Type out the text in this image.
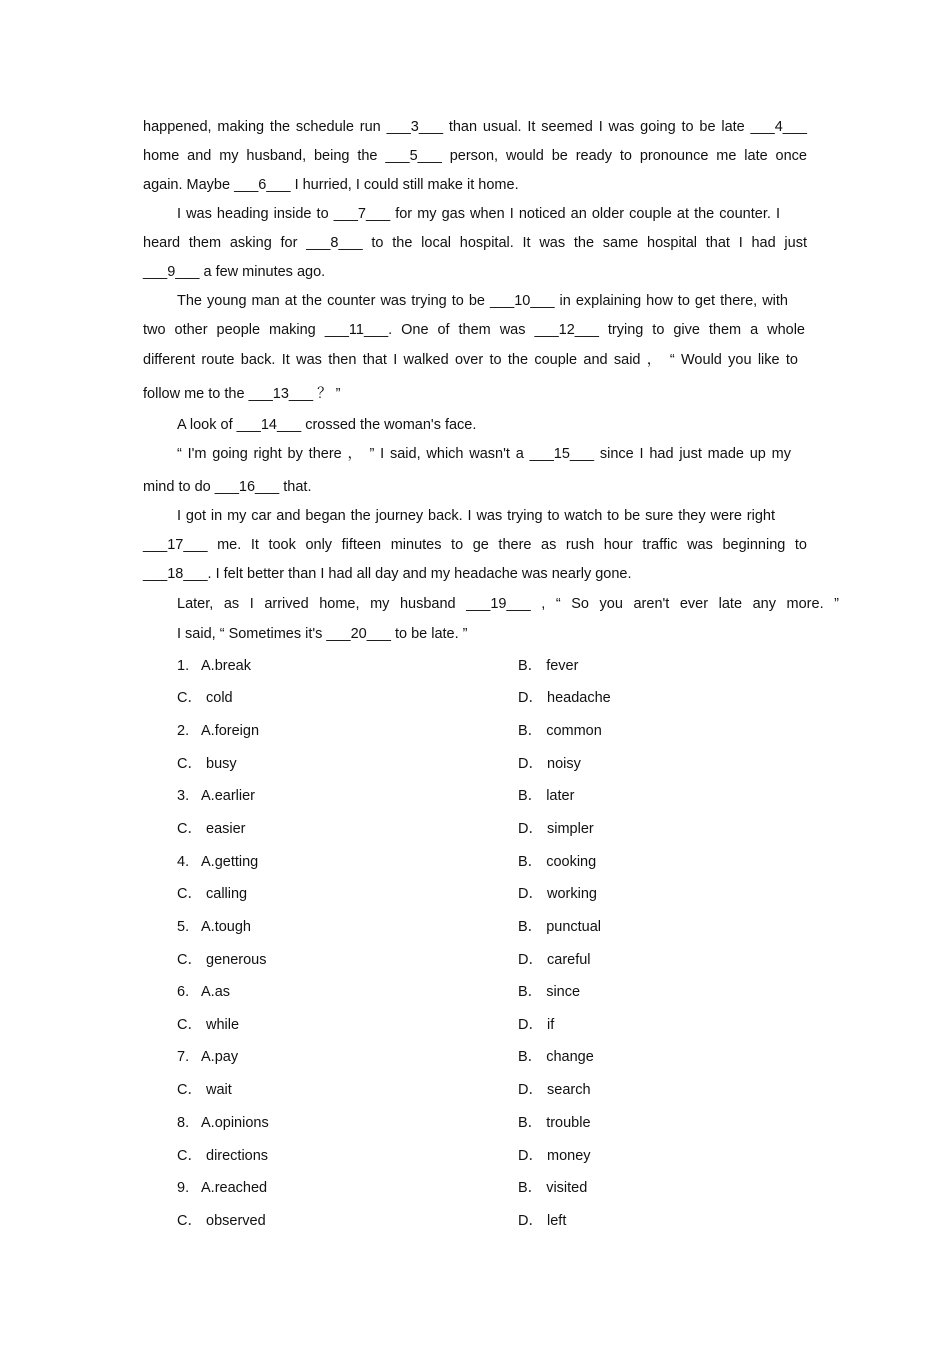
happened, making the schedule run ___3___ than usual. It seemed I was going to be late ___4___
home and my husband, being the ___5___ person, would be ready to pronounce me late once
again. Maybe ___6___ I hurried, I could still make it home.
I was heading inside to ___7___ for my gas when I noticed an older couple at the counter. I
heard them asking for ___8___ to the local hospital. It was the same hospital that I had just
___9___ a few minutes ago.
The young man at the counter was trying to be ___10___ in explaining how to get there, with
two other people making ___11___. One of them was ___12___ trying to give them a whole
different route back. It was then that I walked over to the couple and said ， “ Would you like to
follow me to the ___13___ ？ ”
A look of ___14___ crossed the woman's face.
“ I'm going right by there ， ” I said, which wasn't a ___15___ since I had just made up my
mind to do ___16___ that.
I got in my car and began the journey back. I was trying to watch to be sure they were right
___17___ me. It took only fifteen minutes to ge there as rush hour traffic was beginning to
___18___. I felt better than I had all day and my headache was nearly gone.
Later, as I arrived home, my husband ___19___ , “ So you aren't ever late any more. ”
I said, “ Sometimes it's ___20___ to be late. ”
1. A.break	B． fever
C． cold	D． headache
2. A.foreign	B． common
C． busy	D． noisy
3. A.earlier	B． later
C． easier	D． simpler
4. A.getting	B． cooking
C． calling	D． working
5. A.tough	B． punctual
C． generous	D． careful
6. A.as	B． since
C． while	D． if
7. A.pay	B． change
C． wait	D． search
8. A.opinions	B． trouble
C． directions	D． money
9. A.reached	B． visited
C． observed	D． left
